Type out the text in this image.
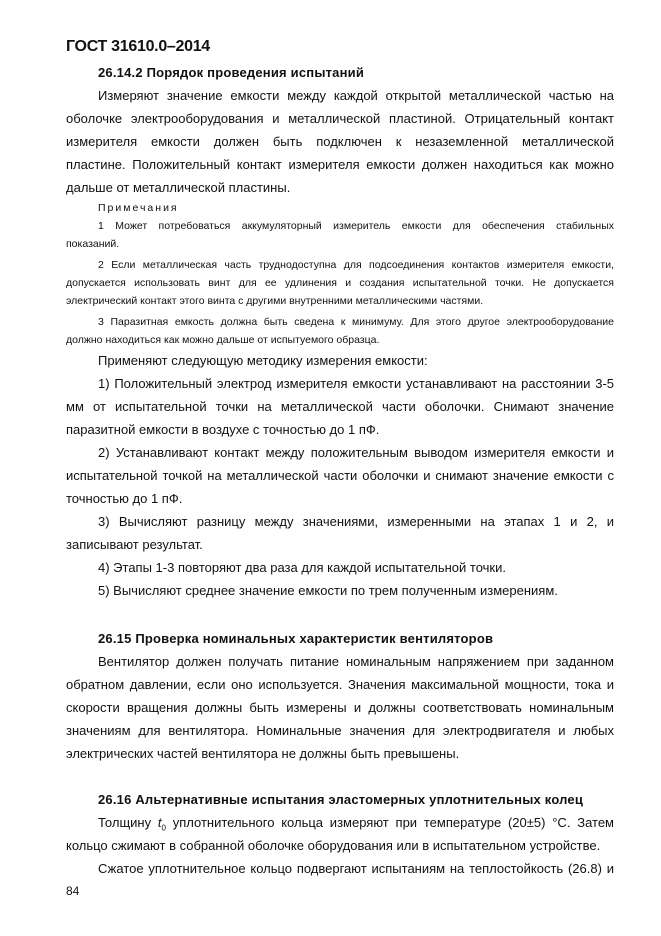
ГОСТ 31610.0–2014
26.14.2 Порядок проведения испытаний
Измеряют значение емкости между каждой открытой металлической частью на
оболочке электрооборудования и металлической пластиной. Отрицательный контакт
измерителя емкости должен быть подключен к незаземленной металлической
пластине. Положительный контакт измерителя емкости должен находиться как можно
дальше от металлической пластины.
Примечания
1 Может потребоваться аккумуляторный измеритель емкости для обеспечения стабильных
показаний.
2 Если металлическая часть труднодоступна для подсоединения контактов измерителя емкости,
допускается использовать винт для ее удлинения и создания испытательной точки. Не допускается
электрический контакт этого винта с другими внутренними металлическими частями.
3 Паразитная емкость должна быть сведена к минимуму. Для этого другое электрооборудование
должно находиться как можно дальше от испытуемого образца.
Применяют следующую методику измерения емкости:
1) Положительный электрод измерителя емкости устанавливают на расстоянии 3-5
мм от испытательной точки на металлической части оболочки. Снимают значение
паразитной емкости в воздухе с точностью до 1 пФ.
2) Устанавливают контакт между положительным выводом измерителя емкости и
испытательной точкой на металлической части оболочки и снимают значение емкости с
точностью до 1 пФ.
3) Вычисляют разницу между значениями, измеренными на этапах 1 и 2, и
записывают результат.
4) Этапы 1-3 повторяют два раза для каждой испытательной точки.
5) Вычисляют среднее значение емкости по трем полученным измерениям.
26.15 Проверка номинальных характеристик вентиляторов
Вентилятор должен получать питание номинальным напряжением при заданном
обратном давлении, если оно используется. Значения максимальной мощности, тока и
скорости вращения должны быть измерены и должны соответствовать номинальным
значениям для вентилятора. Номинальные значения для электродвигателя и любых
электрических частей вентилятора не должны быть превышены.
26.16 Альтернативные испытания эластомерных уплотнительных колец
Толщину $t_0$ уплотнительного кольца измеряют при температуре (20±5) °С. Затем
кольцо сжимают в собранной оболочке оборудования или в испытательном устройстве.
Сжатое уплотнительное кольцо подвергают испытаниям на теплостойкость (26.8) и
84
